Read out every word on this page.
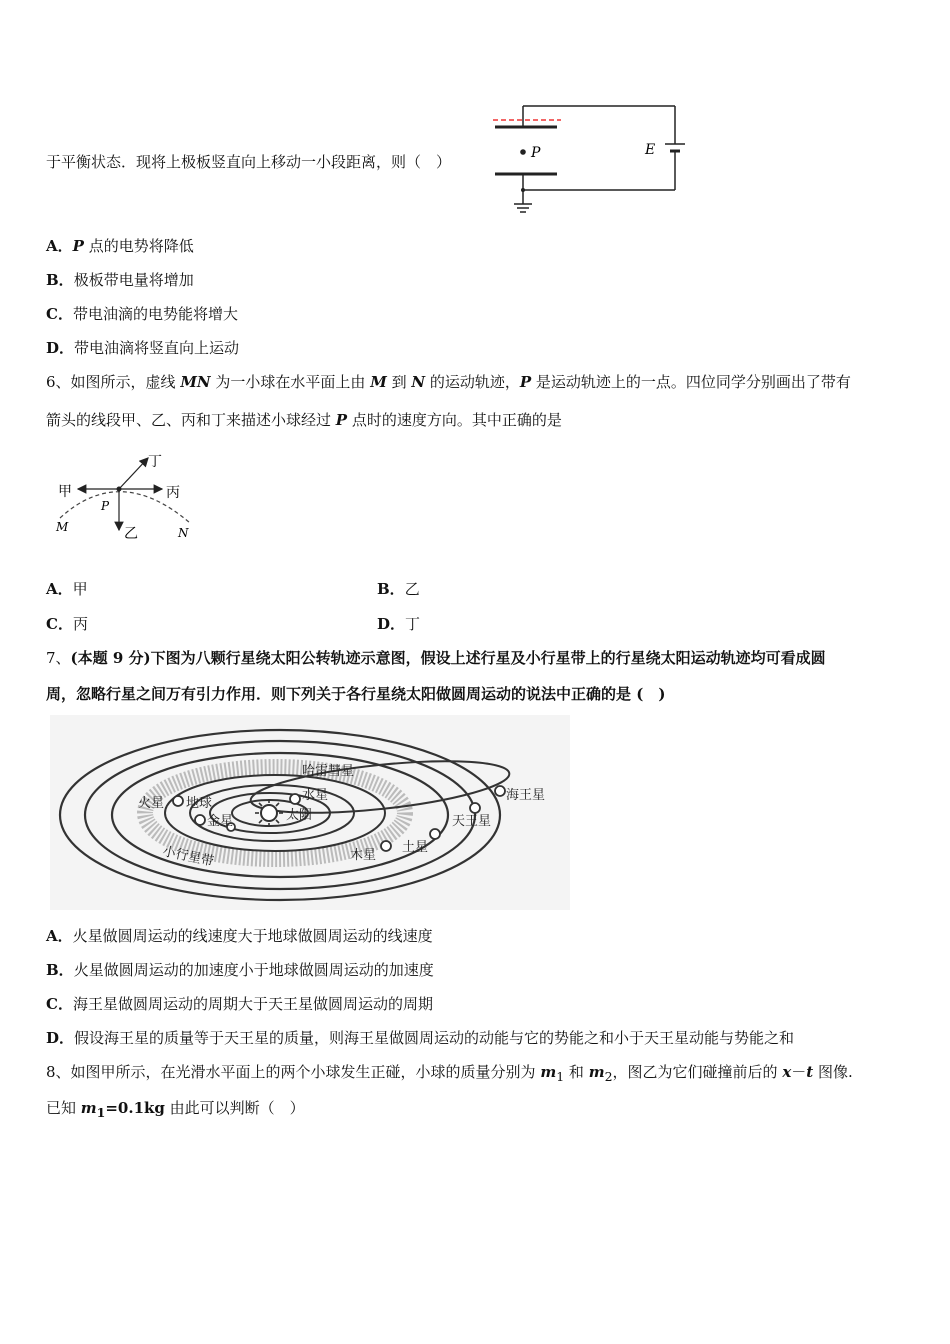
于平衡状态．现将上极板竖直向上移动一小段距离，则（　）	P	E
A．P 点的电势将降低
B．极板带电量将增加
C．带电油滴的电势能将增大
D．带电油滴将竖直向上运动
6、如图所示，虚线 MN 为一小球在水平面上由 M 到 N 的运动轨迹，P 是运动轨迹上的一点。四位同学分别画出了带有
箭头的线段甲、乙、丙和丁来描述小球经过 P 点时的速度方向。其中正确的是
甲	丙
丁
乙
P
M	N
A．甲	B．乙
C．丙	D．丁
7、(本题 9 分)下图为八颗行星绕太阳公转轨迹示意图，假设上述行星及小行星带上的行星绕太阳运动轨迹均可看成圆
周，忽略行星之间万有引力作用．则下列关于各行星绕太阳做圆周运动的说法中正确的是 (　)
哈雷彗星
火星 地球
水星
金星	太阳
海王星
天王星
土星
木星
小行星带
A．火星做圆周运动的线速度大于地球做圆周运动的线速度
B．火星做圆周运动的加速度小于地球做圆周运动的加速度
C．海王星做圆周运动的周期大于天王星做圆周运动的周期
D．假设海王星的质量等于天王星的质量，则海王星做圆周运动的动能与它的势能之和小于天王星动能与势能之和
8、如图甲所示，在光滑水平面上的两个小球发生正碰，小球的质量分别为 $m_1$ 和 $m_2$，图乙为它们碰撞前后的 x－t 图像.
已知 $m_1=0.1kg$ 由此可以判断（　）
